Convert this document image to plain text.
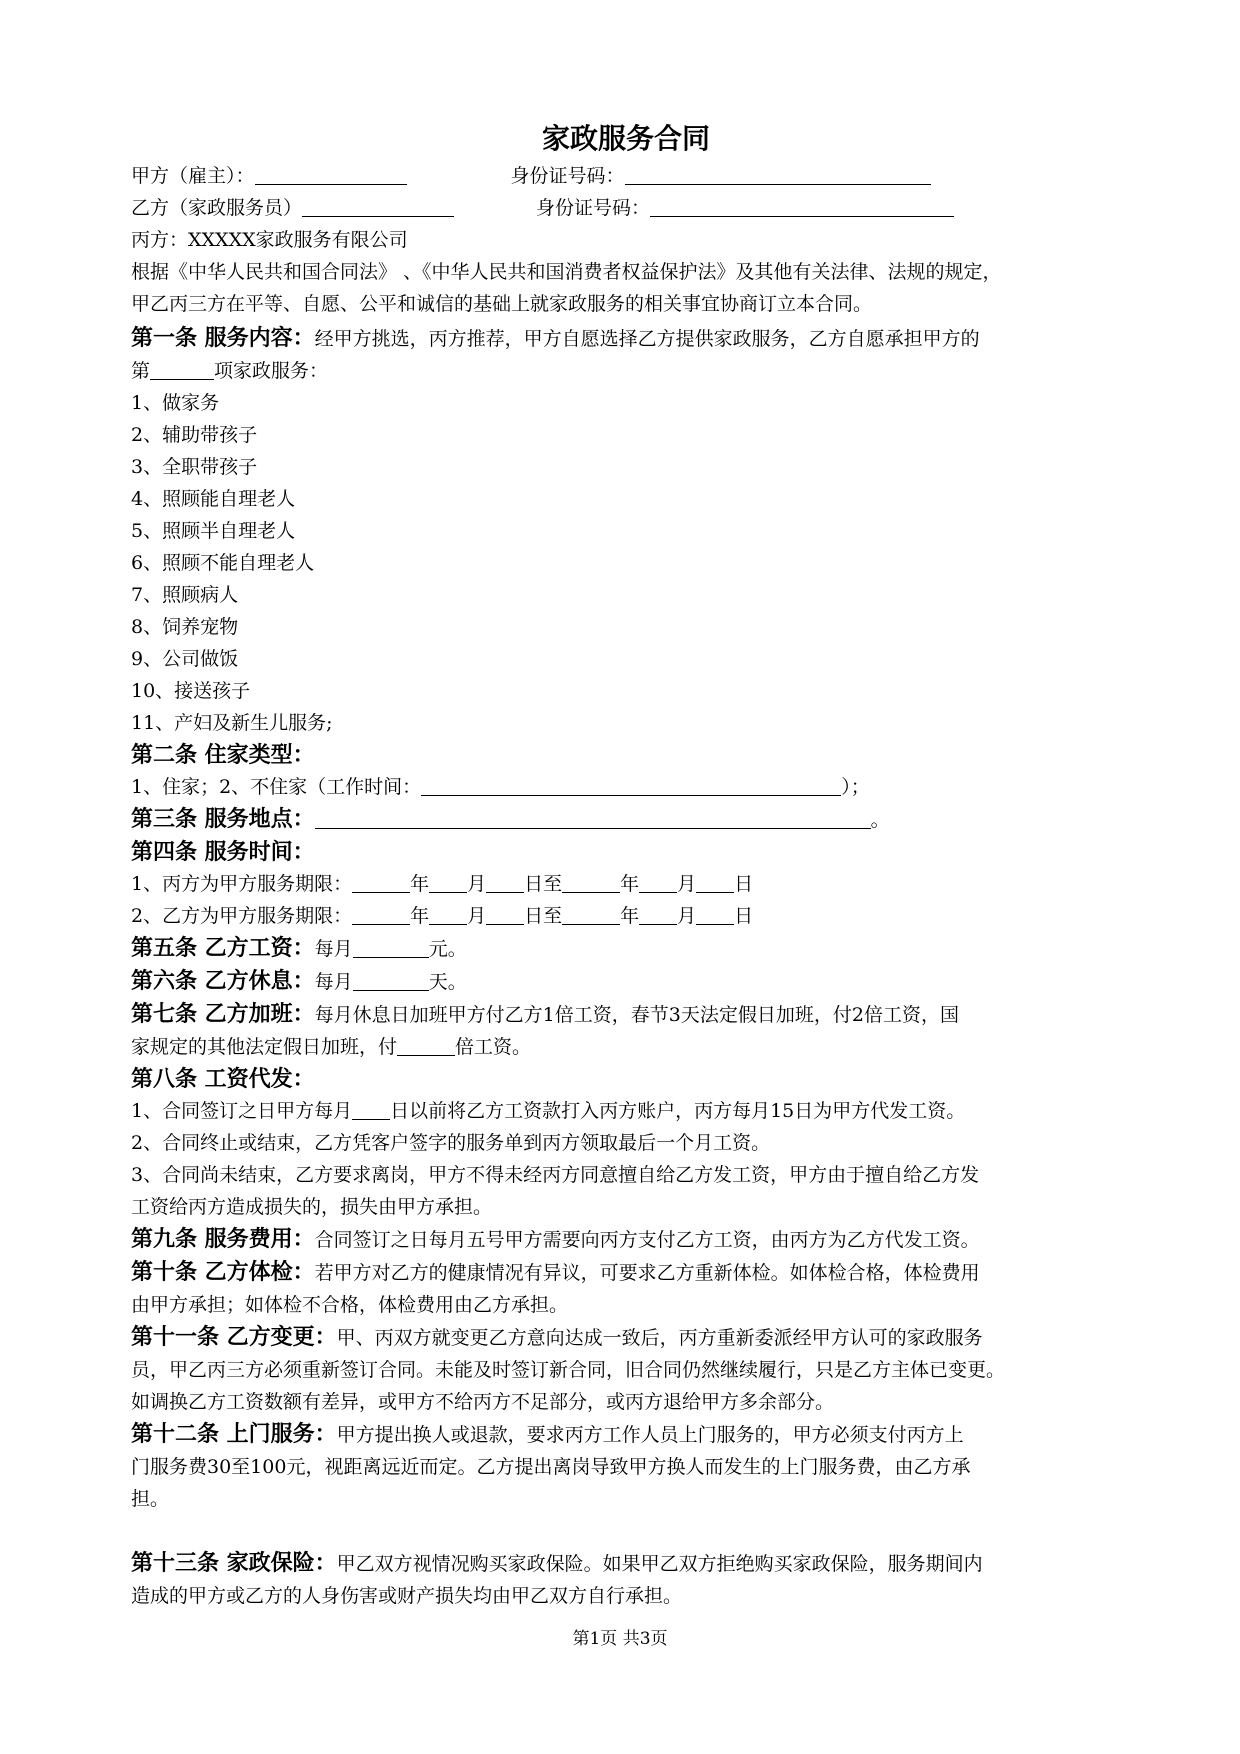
家政服务合同
甲方（雇主）：	身份证号码：
乙方（家政服务员）	身份证号码：
丙方：XXXXX家政服务有限公司
根据《中华人民共和国合同法》 、《中华人民共和国消费者权益保护法》及其他有关法律、法规的规定，
甲乙丙三方在平等、自愿、公平和诚信的基础上就家政服务的相关事宜协商订立本合同。
第一条 服务内容：经甲方挑选，丙方推荐，甲方自愿选择乙方提供家政服务，乙方自愿承担甲方的
第	项家政服务：
1、做家务
2、辅助带孩子
3、全职带孩子
4、照顾能自理老人
5、照顾半自理老人
6、照顾不能自理老人
7、照顾病人
8、饲养宠物
9、公司做饭
10、接送孩子
11、产妇及新生儿服务;
第二条 住家类型：
1、住家；2、不住家（工作时间：	）；
第三条 服务地点：	。
第四条 服务时间：
1、丙方为甲方服务期限：	年 月 日至	年 月 日
2、乙方为甲方服务期限：	年 月 日至	年 月 日
第五条 乙方工资：每月	元。
第六条 乙方休息：每月	天。
第七条 乙方加班：每月休息日加班甲方付乙方1倍工资，春节3天法定假日加班，付2倍工资，国
家规定的其他法定假日加班，付	倍工资。
第八条 工资代发：
1、合同签订之日甲方每月 日以前将乙方工资款打入丙方账户，丙方每月15日为甲方代发工资。
2、合同终止或结束，乙方凭客户签字的服务单到丙方领取最后一个月工资。
3、合同尚未结束，乙方要求离岗，甲方不得未经丙方同意擅自给乙方发工资，甲方由于擅自给乙方发
工资给丙方造成损失的，损失由甲方承担。
第九条 服务费用：合同签订之日每月五号甲方需要向丙方支付乙方工资，由丙方为乙方代发工资。
第十条 乙方体检：若甲方对乙方的健康情况有异议，可要求乙方重新体检。如体检合格，体检费用
由甲方承担；如体检不合格，体检费用由乙方承担。
第十一条 乙方变更：甲、丙双方就变更乙方意向达成一致后，丙方重新委派经甲方认可的家政服务
员，甲乙丙三方必须重新签订合同。未能及时签订新合同，旧合同仍然继续履行，只是乙方主体已变更。
如调换乙方工资数额有差异，或甲方不给丙方不足部分，或丙方退给甲方多余部分。
第十二条 上门服务：甲方提出换人或退款，要求丙方工作人员上门服务的，甲方必须支付丙方上
门服务费30至100元，视距离远近而定。乙方提出离岗导致甲方换人而发生的上门服务费，由乙方承
担。
第十三条 家政保险：甲乙双方视情况购买家政保险。如果甲乙双方拒绝购买家政保险，服务期间内
造成的甲方或乙方的人身伤害或财产损失均由甲乙双方自行承担。
第1页 共3页
